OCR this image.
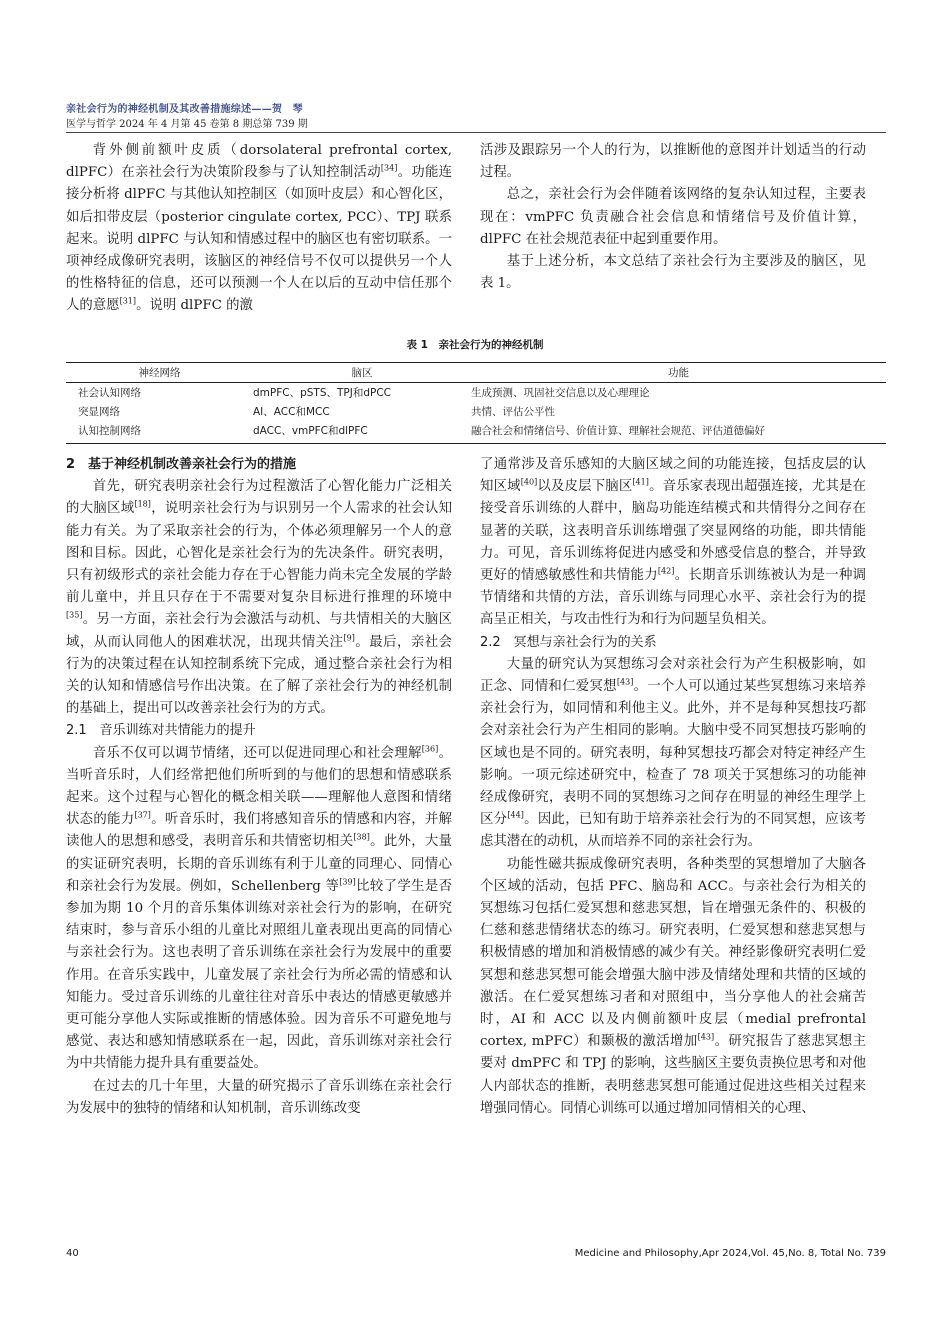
亲社会行为的神经机制及其改善措施综述——贺　琴
医学与哲学 2024 年 4 月第 45 卷第 8 期总第 739 期

背外侧前额叶皮质（dorsolateral prefrontal cortex, dlPFC）在亲社会行为决策阶段参与了认知控制活动[34]。功能连接分析将 dlPFC 与其他认知控制区（如顶叶皮层）和心智化区，如后扣带皮层（posterior cingulate cortex, PCC）、TPJ 联系起来。说明 dlPFC 与认知和情感过程中的脑区也有密切联系。一项神经成像研究表明，该脑区的神经信号不仅可以提供另一个人的性格特征的信息，还可以预测一个人在以后的互动中信任那个人的意愿[31]。说明 dlPFC 的激

活涉及跟踪另一个人的行为，以推断他的意图并计划适当的行动过程。

总之，亲社会行为会伴随着该网络的复杂认知过程，主要表现在：vmPFC 负责融合社会信息和情绪信号及价值计算，dlPFC 在社会规范表征中起到重要作用。

基于上述分析，本文总结了亲社会行为主要涉及的脑区，见表 1。

表 1　亲社会行为的神经机制
神经网络	脑区	功能
社会认知网络	dmPFC、pSTS、TPJ和dPCC	生成预测、巩固社交信息以及心理理论
突显网络	AI、ACC和MCC	共情、评估公平性
认知控制网络	dACC、vmPFC和dlPFC	融合社会和情绪信号、价值计算、理解社会规范、评估道德偏好
2　基于神经机制改善亲社会行为的措施

首先，研究表明亲社会行为过程激活了心智化能力广泛相关的大脑区域[18]，说明亲社会行为与识别另一个人需求的社会认知能力有关。为了采取亲社会的行为，个体必须理解另一个人的意图和目标。因此，心智化是亲社会行为的先决条件。研究表明，只有初级形式的亲社会能力存在于心智能力尚未完全发展的学龄前儿童中，并且只存在于不需要对复杂目标进行推理的环境中[35]。另一方面，亲社会行为会激活与动机、与共情相关的大脑区域，从而认同他人的困难状况，出现共情关注[9]。最后，亲社会行为的决策过程在认知控制系统下完成，通过整合亲社会行为相关的认知和情感信号作出决策。在了解了亲社会行为的神经机制的基础上，提出可以改善亲社会行为的方式。

2.1　音乐训练对共情能力的提升

音乐不仅可以调节情绪，还可以促进同理心和社会理解[36]。当听音乐时，人们经常把他们所听到的与他们的思想和情感联系起来。这个过程与心智化的概念相关联——理解他人意图和情绪状态的能力[37]。听音乐时，我们将感知音乐的情感和内容，并解读他人的思想和感受，表明音乐和共情密切相关[38]。此外，大量的实证研究表明，长期的音乐训练有利于儿童的同理心、同情心和亲社会行为发展。例如，Schellenberg 等[39]比较了学生是否参加为期 10 个月的音乐集体训练对亲社会行为的影响，在研究结束时，参与音乐小组的儿童比对照组儿童表现出更高的同情心与亲社会行为。这也表明了音乐训练在亲社会行为发展中的重要作用。在音乐实践中，儿童发展了亲社会行为所必需的情感和认知能力。受过音乐训练的儿童往往对音乐中表达的情感更敏感并更可能分享他人实际或推断的情感体验。因为音乐不可避免地与感觉、表达和感知情感联系在一起，因此，音乐训练对亲社会行为中共情能力提升具有重要益处。

在过去的几十年里，大量的研究揭示了音乐训练在亲社会行为发展中的独特的情绪和认知机制，音乐训练改变

了通常涉及音乐感知的大脑区域之间的功能连接，包括皮层的认知区域[40]以及皮层下脑区[41]。音乐家表现出超强连接，尤其是在接受音乐训练的人群中，脑岛功能连结模式和共情得分之间存在显著的关联，这表明音乐训练增强了突显网络的功能，即共情能力。可见，音乐训练将促进内感受和外感受信息的整合，并导致更好的情感敏感性和共情能力[42]。长期音乐训练被认为是一种调节情绪和共情的方法，音乐训练与同理心水平、亲社会行为的提高呈正相关，与攻击性行为和行为问题呈负相关。

2.2　冥想与亲社会行为的关系

大量的研究认为冥想练习会对亲社会行为产生积极影响，如正念、同情和仁爱冥想[43]。一个人可以通过某些冥想练习来培养亲社会行为，如同情和利他主义。此外，并不是每种冥想技巧都会对亲社会行为产生相同的影响。大脑中受不同冥想技巧影响的区域也是不同的。研究表明，每种冥想技巧都会对特定神经产生影响。一项元综述研究中，检查了 78 项关于冥想练习的功能神经成像研究，表明不同的冥想练习之间存在明显的神经生理学上区分[44]。因此，已知有助于培养亲社会行为的不同冥想，应该考虑其潜在的动机，从而培养不同的亲社会行为。

功能性磁共振成像研究表明，各种类型的冥想增加了大脑各个区域的活动，包括 PFC、脑岛和 ACC。与亲社会行为相关的冥想练习包括仁爱冥想和慈悲冥想，旨在增强无条件的、积极的仁慈和慈悲情绪状态的练习。研究表明，仁爱冥想和慈悲冥想与积极情感的增加和消极情感的减少有关。神经影像研究表明仁爱冥想和慈悲冥想可能会增强大脑中涉及情绪处理和共情的区域的激活。在仁爱冥想练习者和对照组中，当分享他人的社会痛苦时，AI 和 ACC 以及内侧前额叶皮层（medial prefrontal cortex, mPFC）和颞极的激活增加[43]。研究报告了慈悲冥想主要对 dmPFC 和 TPJ 的影响，这些脑区主要负责换位思考和对他人内部状态的推断，表明慈悲冥想可能通过促进这些相关过程来增强同情心。同情心训练可以通过增加同情相关的心理、

40	Medicine and Philosophy,Apr 2024,Vol. 45,No. 8, Total No. 739
